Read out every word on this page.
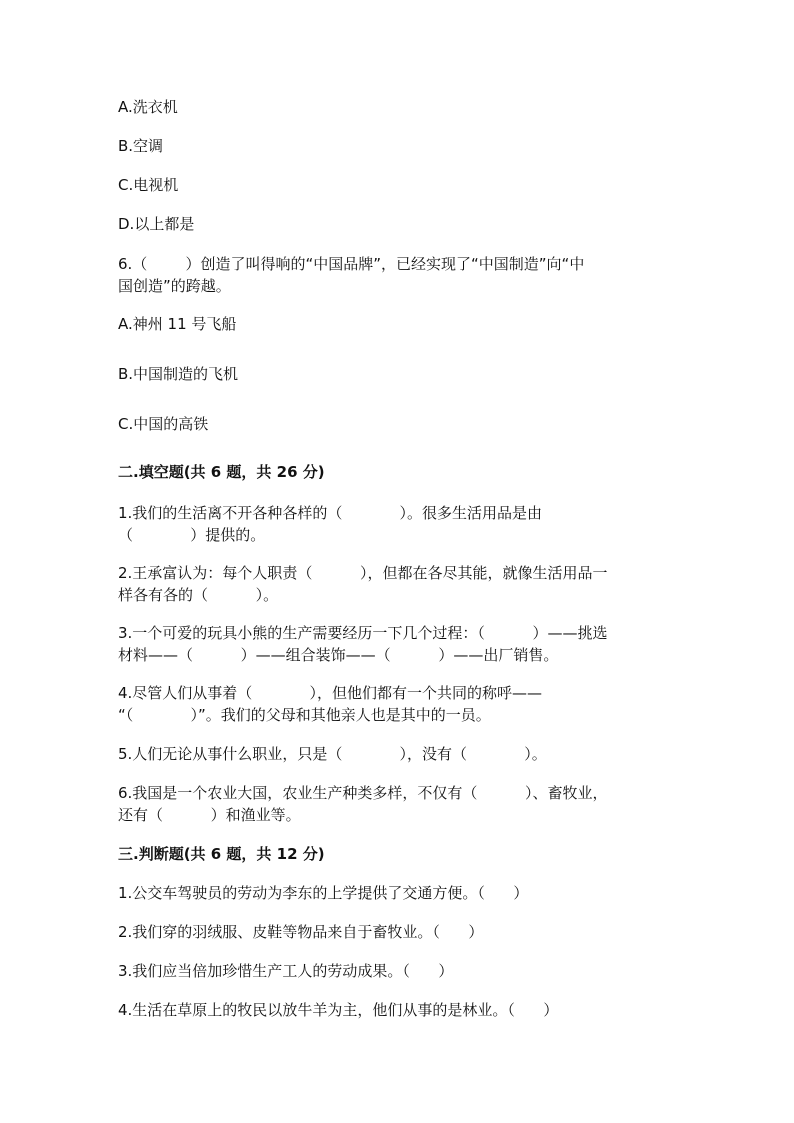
A.洗衣机
B.空调
C.电视机
D.以上都是
6.（        ）创造了叫得响的“中国品牌”，已经实现了“中国制造”向“中
国创造”的跨越。
A.神州 11 号飞船
B.中国制造的飞机
C.中国的高铁
二.填空题(共 6 题，共 26 分)
1.我们的生活离不开各种各样的（            ）。很多生活用品是由
（            ）提供的。
2.王承富认为：每个人职责（          ），但都在各尽其能，就像生活用品一
样各有各的（          ）。
3.一个可爱的玩具小熊的生产需要经历一下几个过程：（          ）——挑选
材料——（          ）——组合装饰——（          ）——出厂销售。
4.尽管人们从事着（            ），但他们都有一个共同的称呼——
“（            ）”。我们的父母和其他亲人也是其中的一员。
5.人们无论从事什么职业，只是（            ），没有（            ）。
6.我国是一个农业大国，农业生产种类多样，不仅有（          ）、畜牧业，
还有（          ）和渔业等。
三.判断题(共 6 题，共 12 分)
1.公交车驾驶员的劳动为李东的上学提供了交通方便。（      ）
2.我们穿的羽绒服、皮鞋等物品来自于畜牧业。（      ）
3.我们应当倍加珍惜生产工人的劳动成果。（      ）
4.生活在草原上的牧民以放牛羊为主，他们从事的是林业。（      ）
